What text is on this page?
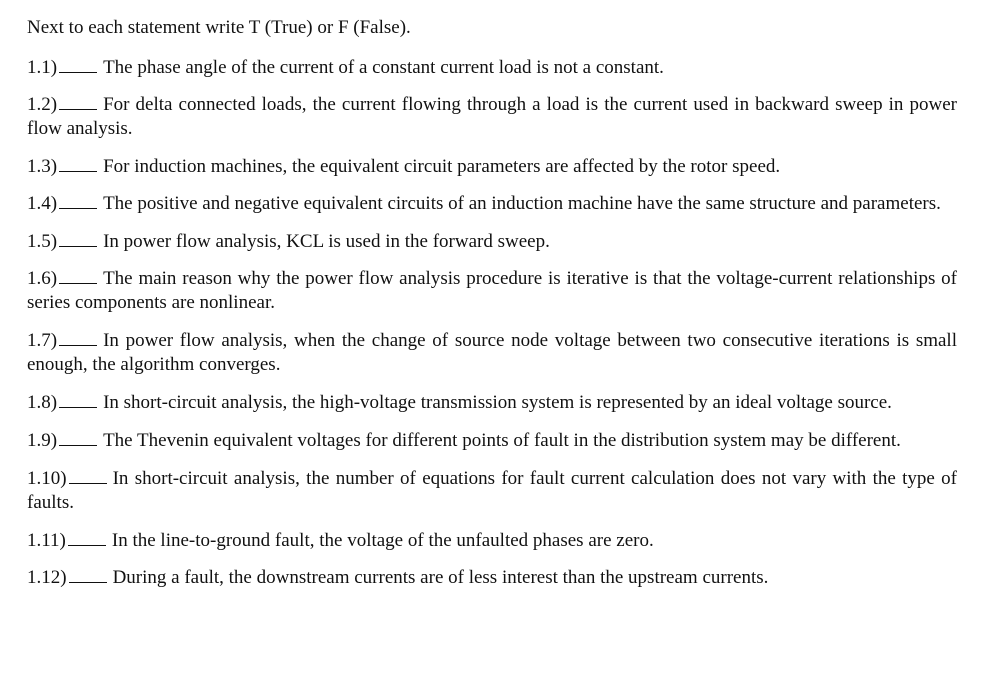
Next to each statement write T (True) or F (False).

1.1) The phase angle of the current of a constant current load is not a constant.
1.2) For delta connected loads, the current flowing through a load is the current used in backward sweep in power flow analysis.
1.3) For induction machines, the equivalent circuit parameters are affected by the rotor speed.
1.4) The positive and negative equivalent circuits of an induction machine have the same structure and parameters.
1.5) In power flow analysis, KCL is used in the forward sweep.
1.6) The main reason why the power flow analysis procedure is iterative is that the voltage-current relationships of series components are nonlinear.
1.7) In power flow analysis, when the change of source node voltage between two consecutive iterations is small enough, the algorithm converges.
1.8) In short-circuit analysis, the high-voltage transmission system is represented by an ideal voltage source.
1.9) The Thevenin equivalent voltages for different points of fault in the distribution system may be different.
1.10) In short-circuit analysis, the number of equations for fault current calculation does not vary with the type of faults.
1.11) In the line-to-ground fault, the voltage of the unfaulted phases are zero.
1.12) During a fault, the downstream currents are of less interest than the upstream currents.
